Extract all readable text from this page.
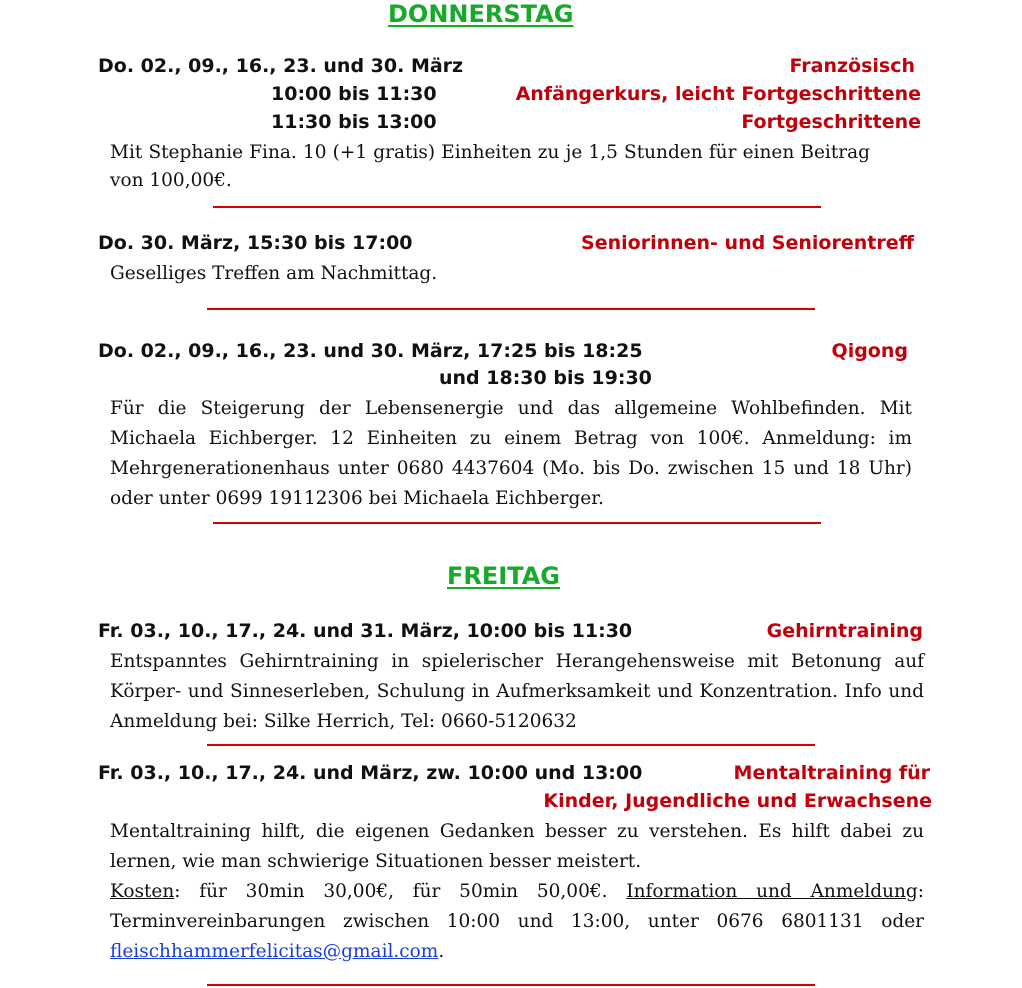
DONNERSTAG
Do. 02., 09., 16., 23. und 30. März	Französisch
10:00 bis 11:30	Anfängerkurs, leicht Fortgeschrittene
11:30 bis 13:00	Fortgeschrittene
Mit Stephanie Fina. 10 (+1 gratis) Einheiten zu je 1,5 Stunden für einen Beitrag von 100,00€.
Do. 30. März, 15:30 bis 17:00	Seniorinnen- und Seniorentreff
Geselliges Treffen am Nachmittag.
Do. 02., 09., 16., 23. und 30. März, 17:25 bis 18:25	Qigong
und 18:30 bis 19:30
Für die Steigerung der Lebensenergie und das allgemeine Wohlbefinden. Mit Michaela Eichberger. 12 Einheiten zu einem Betrag von 100€. Anmeldung: im Mehrgenerationenhaus unter 0680 4437604 (Mo. bis Do. zwischen 15 und 18 Uhr) oder unter 0699 19112306 bei Michaela Eichberger.
FREITAG
Fr. 03., 10., 17., 24. und 31. März, 10:00 bis 11:30	Gehirntraining
Entspanntes Gehirntraining in spielerischer Herangehensweise mit Betonung auf Körper- und Sinneserleben, Schulung in Aufmerksamkeit und Konzentration. Info und Anmeldung bei: Silke Herrich, Tel: 0660-5120632
Fr. 03., 10., 17., 24. und März, zw. 10:00 und 13:00	Mentaltraining für
Kinder, Jugendliche und Erwachsene
Mentaltraining hilft, die eigenen Gedanken besser zu verstehen. Es hilft dabei zu lernen, wie man schwierige Situationen besser meistert.
Kosten: für 30min 30,00€, für 50min 50,00€. Information und Anmeldung: Terminvereinbarungen zwischen 10:00 und 13:00, unter 0676 6801131 oder fleischhammerfelicitas@gmail.com.
